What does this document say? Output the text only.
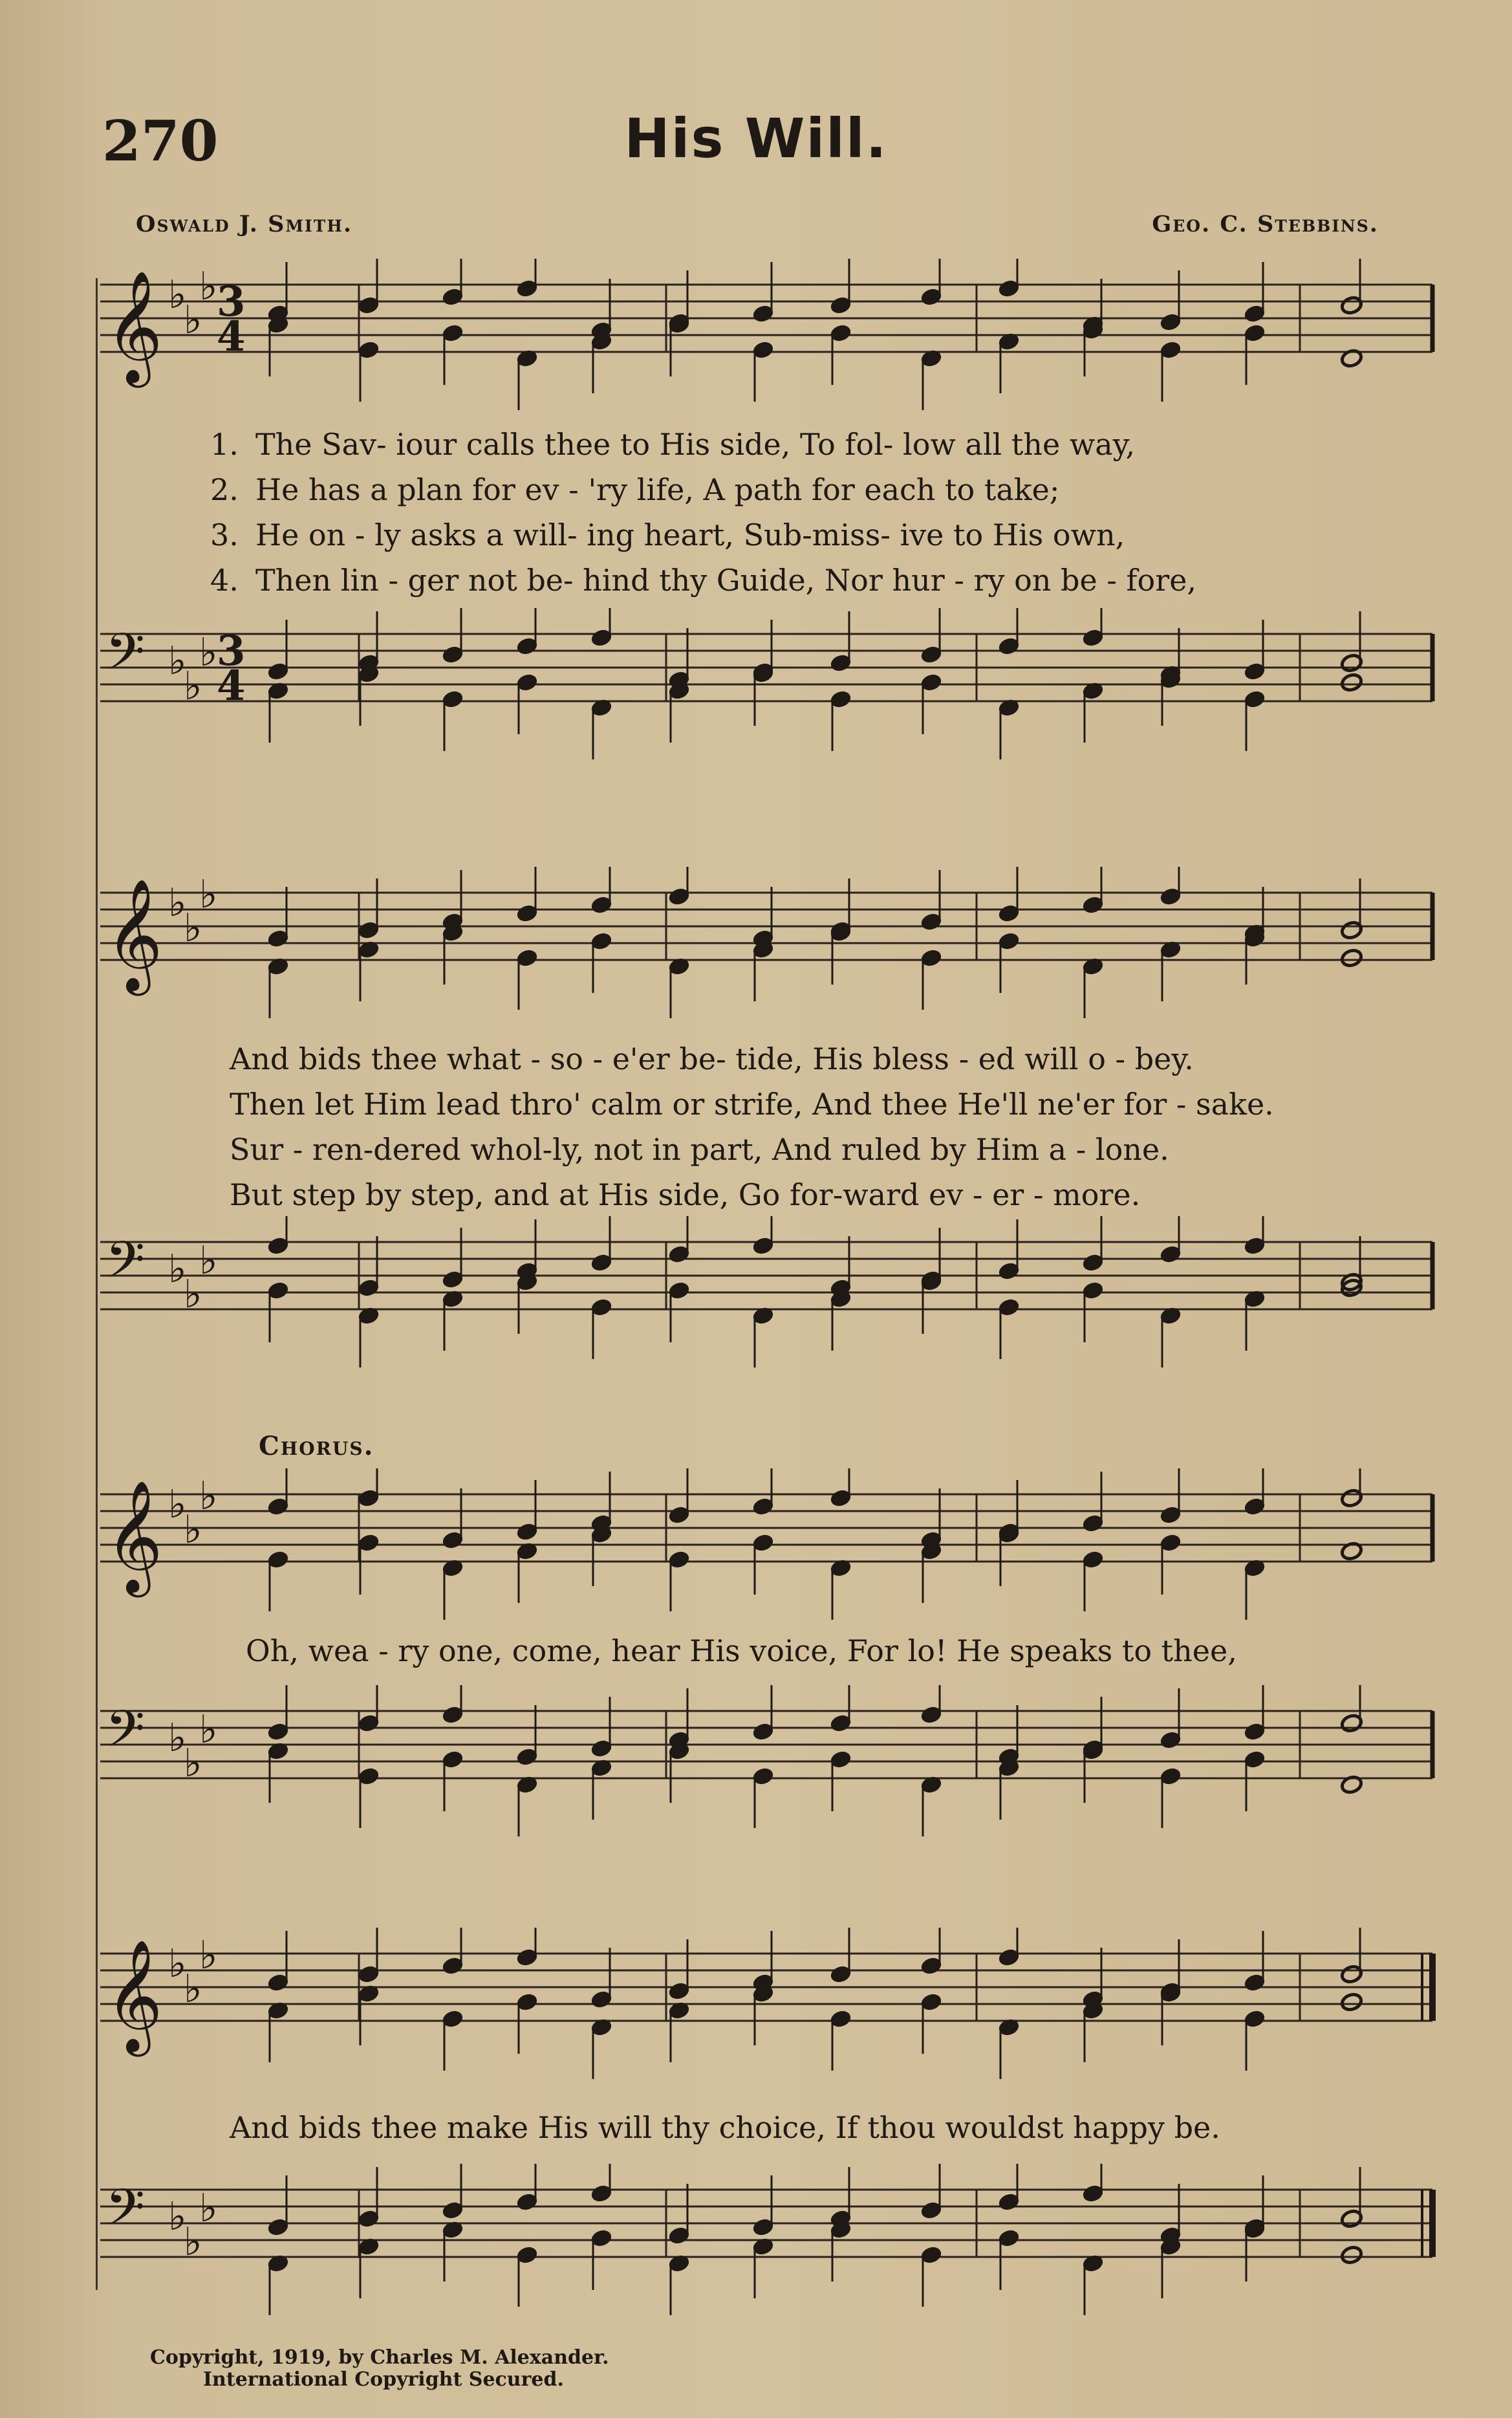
270	His Will.
Oswald J. Smith.	Geo. C. Stebbins.
𝄞 ♭
♭
♭
3
4
1. The Sav- iour calls thee to His side, To fol- low all the way,
2. He has a plan for ev - 'ry life, A path for each to take;
3. He on - ly asks a will- ing heart, Sub-miss- ive to His own,
4. Then lin - ger not be- hind thy Guide, Nor hur - ry on be - fore,
𝄢 ♭
♭
♭
3
4
𝄞 ♭
♭
♭
And bids thee what - so - e'er be- tide, His bless - ed will o - bey.
Then let Him lead thro' calm or strife, And thee He'll ne'er for - sake.
Sur - ren-dered whol-ly, not in part, And ruled by Him a - lone.
But step by step, and at His side, Go for-ward ev - er - more.
𝄢 ♭
♭
♭
Chorus.
𝄞 ♭
♭
♭
Oh, wea - ry one, come, hear His voice, For lo! He speaks to thee,
𝄢 ♭
♭
♭
𝄞 ♭
♭
♭
And bids thee make His will thy choice, If thou wouldst happy be.
𝄢 ♭
♭
♭
Copyright, 1919, by Charles M. Alexander.
International Copyright Secured.
